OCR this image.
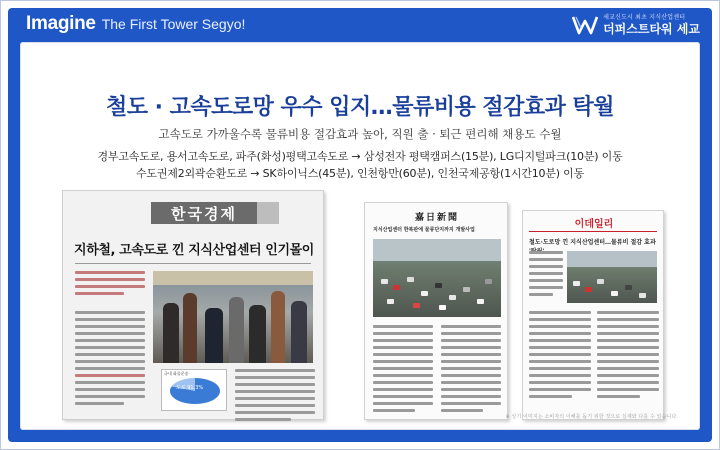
Imagine The First Tower Segyo!	세교신도시 최초 지식산업센터
더퍼스트타워 세교
철도 · 고속도로망 우수 입지…물류비용 절감효과 탁월
고속도로 가까울수록 물류비용 절감효과 높아, 직원 출 · 퇴근 편리해 채용도 수월
경부고속도로, 용서고속도로, 파주(화성)평택고속도로 → 삼성전자 평택캠퍼스(15분), LG디지털파크(10분) 이동
수도권제2외곽순환도로 → SK하이닉스(45분), 인천항만(60분), 인천국제공항(1시간10분) 이동
한국경제
지하철, 고속도로 낀 지식산업센터 인기몰이
국내 화물운송
도로 91.3%
嘉日新聞
지식산업센터 한복판에 물류단지까지 개발사업	이데일리
철도·도로망 낀 지식산업센터…물류비 절감 효과
※ 상기 이미지는 소비자의 이해를 돕기 위한 것으로 실제와 다를 수 있습니다.
